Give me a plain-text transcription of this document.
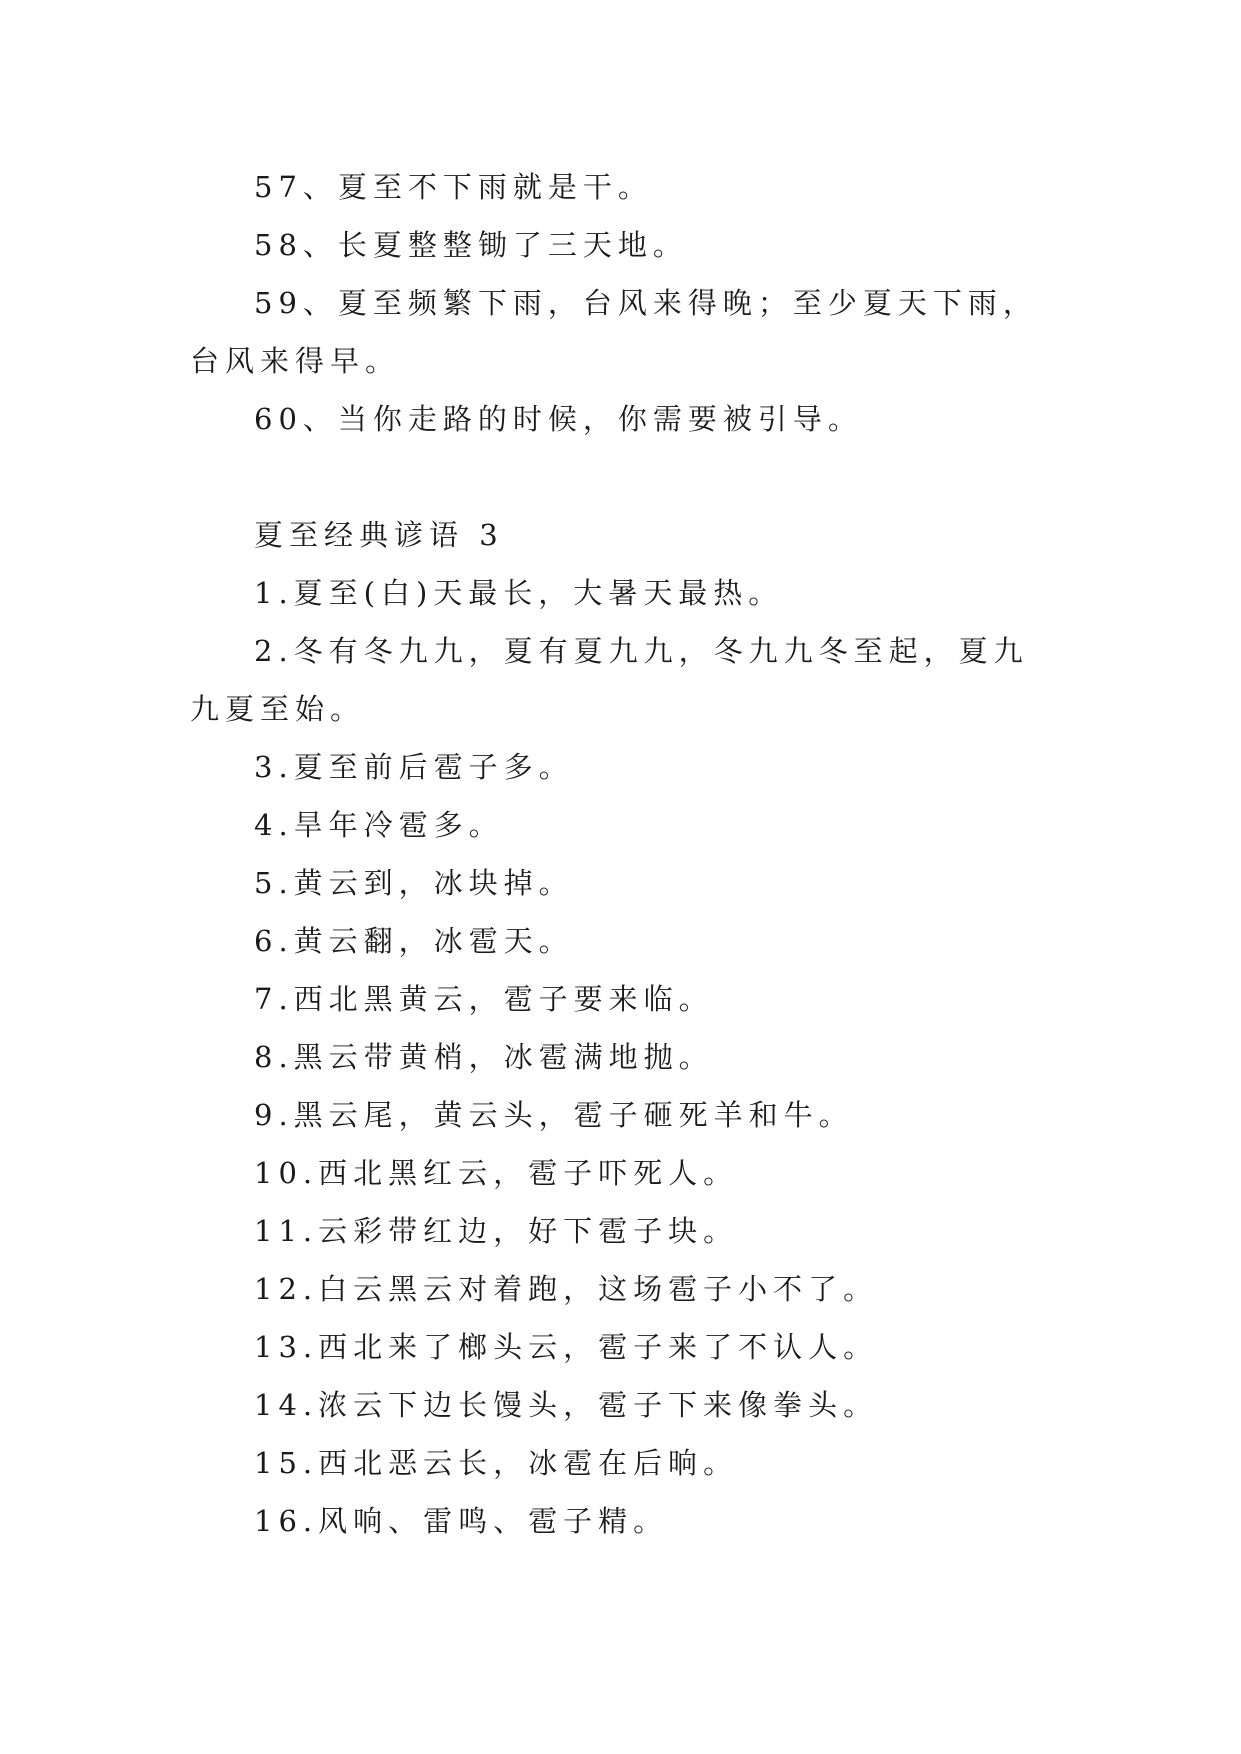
57、夏至不下雨就是干。

58、长夏整整锄了三天地。

59、夏至频繁下雨，台风来得晚；至少夏天下雨，台风来得早。

60、当你走路的时候，你需要被引导。

夏至经典谚语 3

1.夏至(白)天最长，大暑天最热。

2.冬有冬九九，夏有夏九九，冬九九冬至起，夏九九夏至始。

3.夏至前后雹子多。

4.旱年冷雹多。

5.黄云到，冰块掉。

6.黄云翻，冰雹天。

7.西北黑黄云，雹子要来临。

8.黑云带黄梢，冰雹满地抛。

9.黑云尾，黄云头，雹子砸死羊和牛。

10.西北黑红云，雹子吓死人。

11.云彩带红边，好下雹子块。

12.白云黑云对着跑，这场雹子小不了。

13.西北来了榔头云，雹子来了不认人。

14.浓云下边长馒头，雹子下来像拳头。

15.西北恶云长，冰雹在后晌。

16.风响、雷鸣、雹子精。
